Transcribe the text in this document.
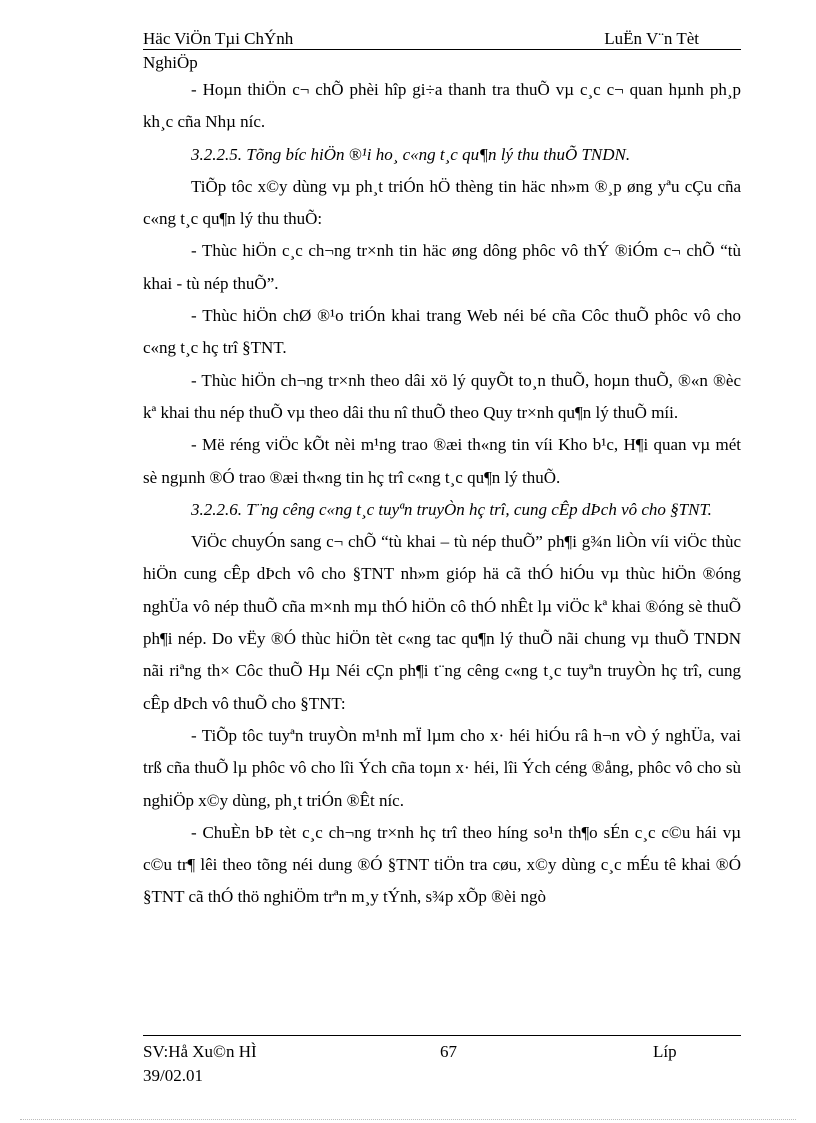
Häc ViÖn Tµi ChÝnh	LuËn V¨n Tèt

NghiÖp

- Hoµn thiÖn c¬ chÕ phèi hîp gi÷a thanh tra thuÕ vµ c¸c c¬ quan hµnh ph¸p kh¸c cña Nhµ níc.

3.2.2.5. Tõng bíc hiÖn ®¹i ho¸ c«ng t¸c qu¶n lý thu thuÕ TNDN.

TiÕp tôc x©y dùng vµ ph¸t triÓn hÖ thèng tin häc nh»m ®¸p øng yªu cÇu cña c«ng t¸c qu¶n lý thu thuÕ:

- Thùc hiÖn c¸c ch¬ng tr×nh tin häc øng dông phôc vô thÝ ®iÓm c¬ chÕ “tù khai - tù nép thuÕ”.

- Thùc hiÖn chØ ®¹o triÓn khai trang Web néi bé cña Côc thuÕ phôc vô cho c«ng t¸c hç trî §TNT.

- Thùc hiÖn ch¬ng tr×nh theo dâi xö lý quyÕt to¸n thuÕ, hoµn thuÕ, ®«n ®èc kª khai thu nép thuÕ vµ theo dâi thu nî thuÕ theo Quy tr×nh qu¶n lý thuÕ míi.

- Më réng viÖc kÕt nèi m¹ng trao ®æi th«ng tin víi Kho b¹c, H¶i quan vµ mét sè ngµnh ®Ó trao ®æi th«ng tin hç trî c«ng t¸c qu¶n lý thuÕ.

3.2.2.6. T¨ng cêng c«ng t¸c tuyªn truyÒn hç trî, cung cÊp dÞch vô cho §TNT.

ViÖc chuyÓn sang c¬ chÕ “tù khai – tù nép thuÕ” ph¶i g¾n liÒn víi viÖc thùc hiÖn cung cÊp dÞch vô cho §TNT nh»m gióp hä cã thÓ hiÓu vµ thùc hiÖn ®óng nghÜa vô nép thuÕ cña m×nh mµ thÓ hiÖn cô thÓ nhÊt lµ viÖc kª khai ®óng sè thuÕ ph¶i nép. Do vËy ®Ó thùc hiÖn tèt c«ng tac qu¶n lý thuÕ nãi chung vµ thuÕ TNDN nãi riªng th× Côc thuÕ Hµ Néi cÇn ph¶i t¨ng cêng c«ng t¸c tuyªn truyÒn hç trî, cung cÊp dÞch vô thuÕ cho §TNT:

- TiÕp tôc tuyªn truyÒn m¹nh mÏ lµm cho x· héi hiÓu râ h¬n vÒ ý nghÜa, vai trß cña thuÕ lµ phôc vô cho lîi Ých cña toµn x· héi, lîi Ých céng ®ång, phôc vô cho sù nghiÖp x©y dùng, ph¸t triÓn ®Êt níc.

- ChuÈn bÞ tèt c¸c ch¬ng tr×nh hç trî theo híng so¹n th¶o sÉn c¸c c©u hái vµ c©u tr¶ lêi theo tõng néi dung ®Ó §TNT tiÖn tra cøu, x©y dùng c¸c mÉu tê khai ®Ó §TNT cã thÓ thö nghiÖm trªn m¸y tÝnh, s¾p xÕp ®èi ngò

SV:Hå Xu©n HÌ
39/02.01
67	Líp
